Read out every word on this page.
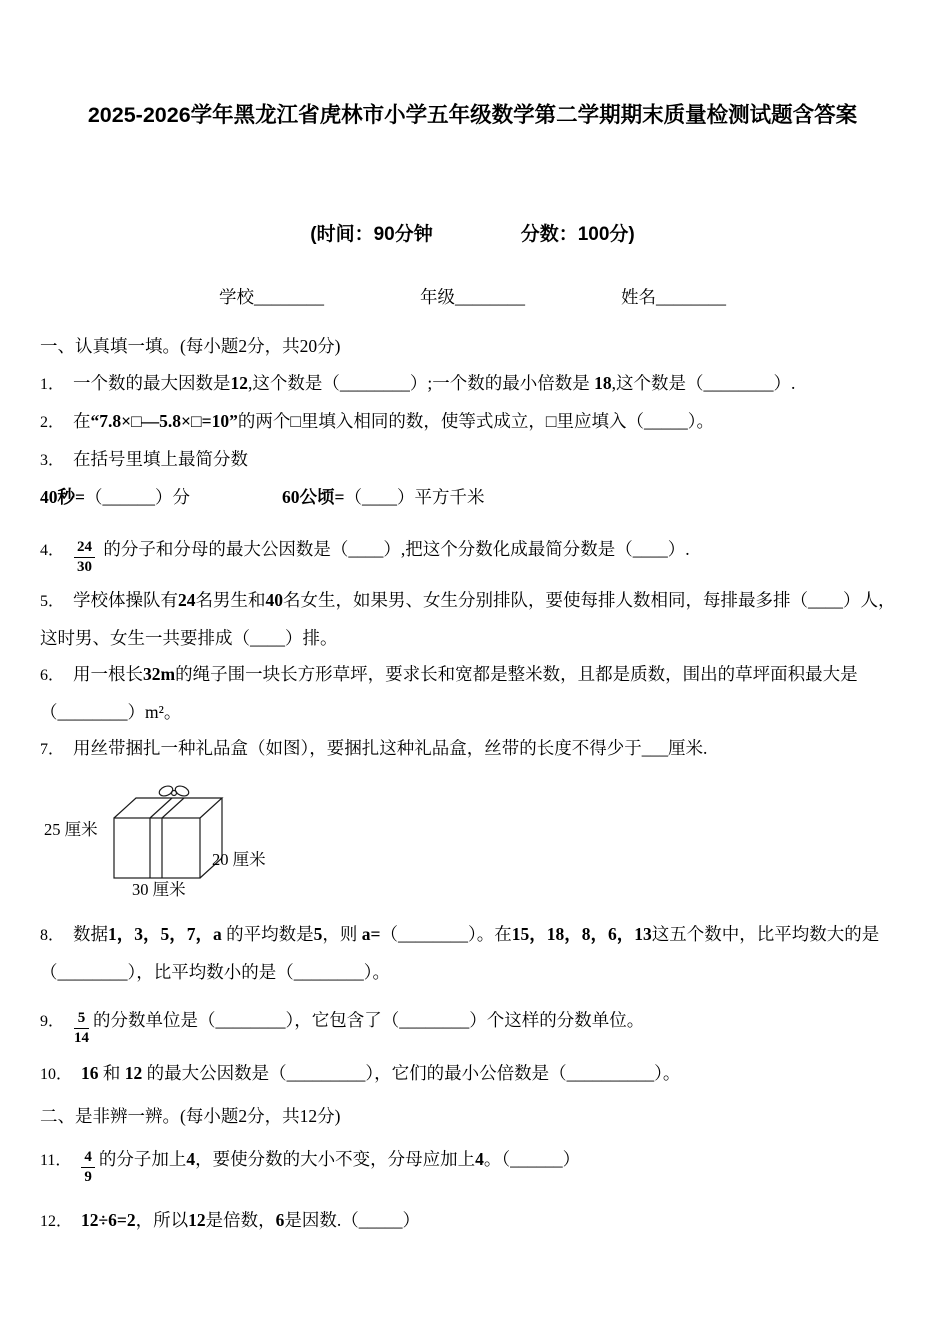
2025-2026学年黑龙江省虎林市小学五年级数学第二学期期末质量检测试题含答案
(时间：90分钟	分数：100分)
学校________	年级________	姓名________
一、认真填一填。(每小题2分，共20分)
1． 一个数的最大因数是12,这个数是（________）;一个数的最小倍数是 18,这个数是（________）.
2． 在“7.8×□—5.8×□=10”的两个□里填入相同的数，使等式成立，□里应填入（_____）。
3． 在括号里填上最简分数
40秒=（______）分	60公顷=（____）平方千米
4． $\frac{24}{30}$ 的分子和分母的最大公因数是（____）,把这个分数化成最简分数是（____）.
5． 学校体操队有24名男生和40名女生，如果男、女生分别排队，要使每排人数相同，每排最多排（____）人，这时男、女生一共要排成（____）排。
6． 用一根长32m的绳子围一块长方形草坪，要求长和宽都是整米数，且都是质数，围出的草坪面积最大是（________）m²。
7． 用丝带捆扎一种礼品盒（如图），要捆扎这种礼品盒，丝带的长度不得少于___厘米.
25 厘米
30 厘米
20 厘米
8． 数据1，3，5，7，a 的平均数是5，则 a=（________）。在15，18，8，6，13这五个数中，比平均数大的是（________），比平均数小的是（________）。
9． $\frac{5}{14}$ 的分数单位是（________），它包含了（________）个这样的分数单位。
10． 16 和 12 的最大公因数是（_________），它们的最小公倍数是（__________）。
二、是非辨一辨。(每小题2分，共12分)
11． $\frac{4}{9}$ 的分子加上4，要使分数的大小不变，分母应加上4。（______）
12． 12÷6=2，所以12是倍数，6是因数.（_____）
